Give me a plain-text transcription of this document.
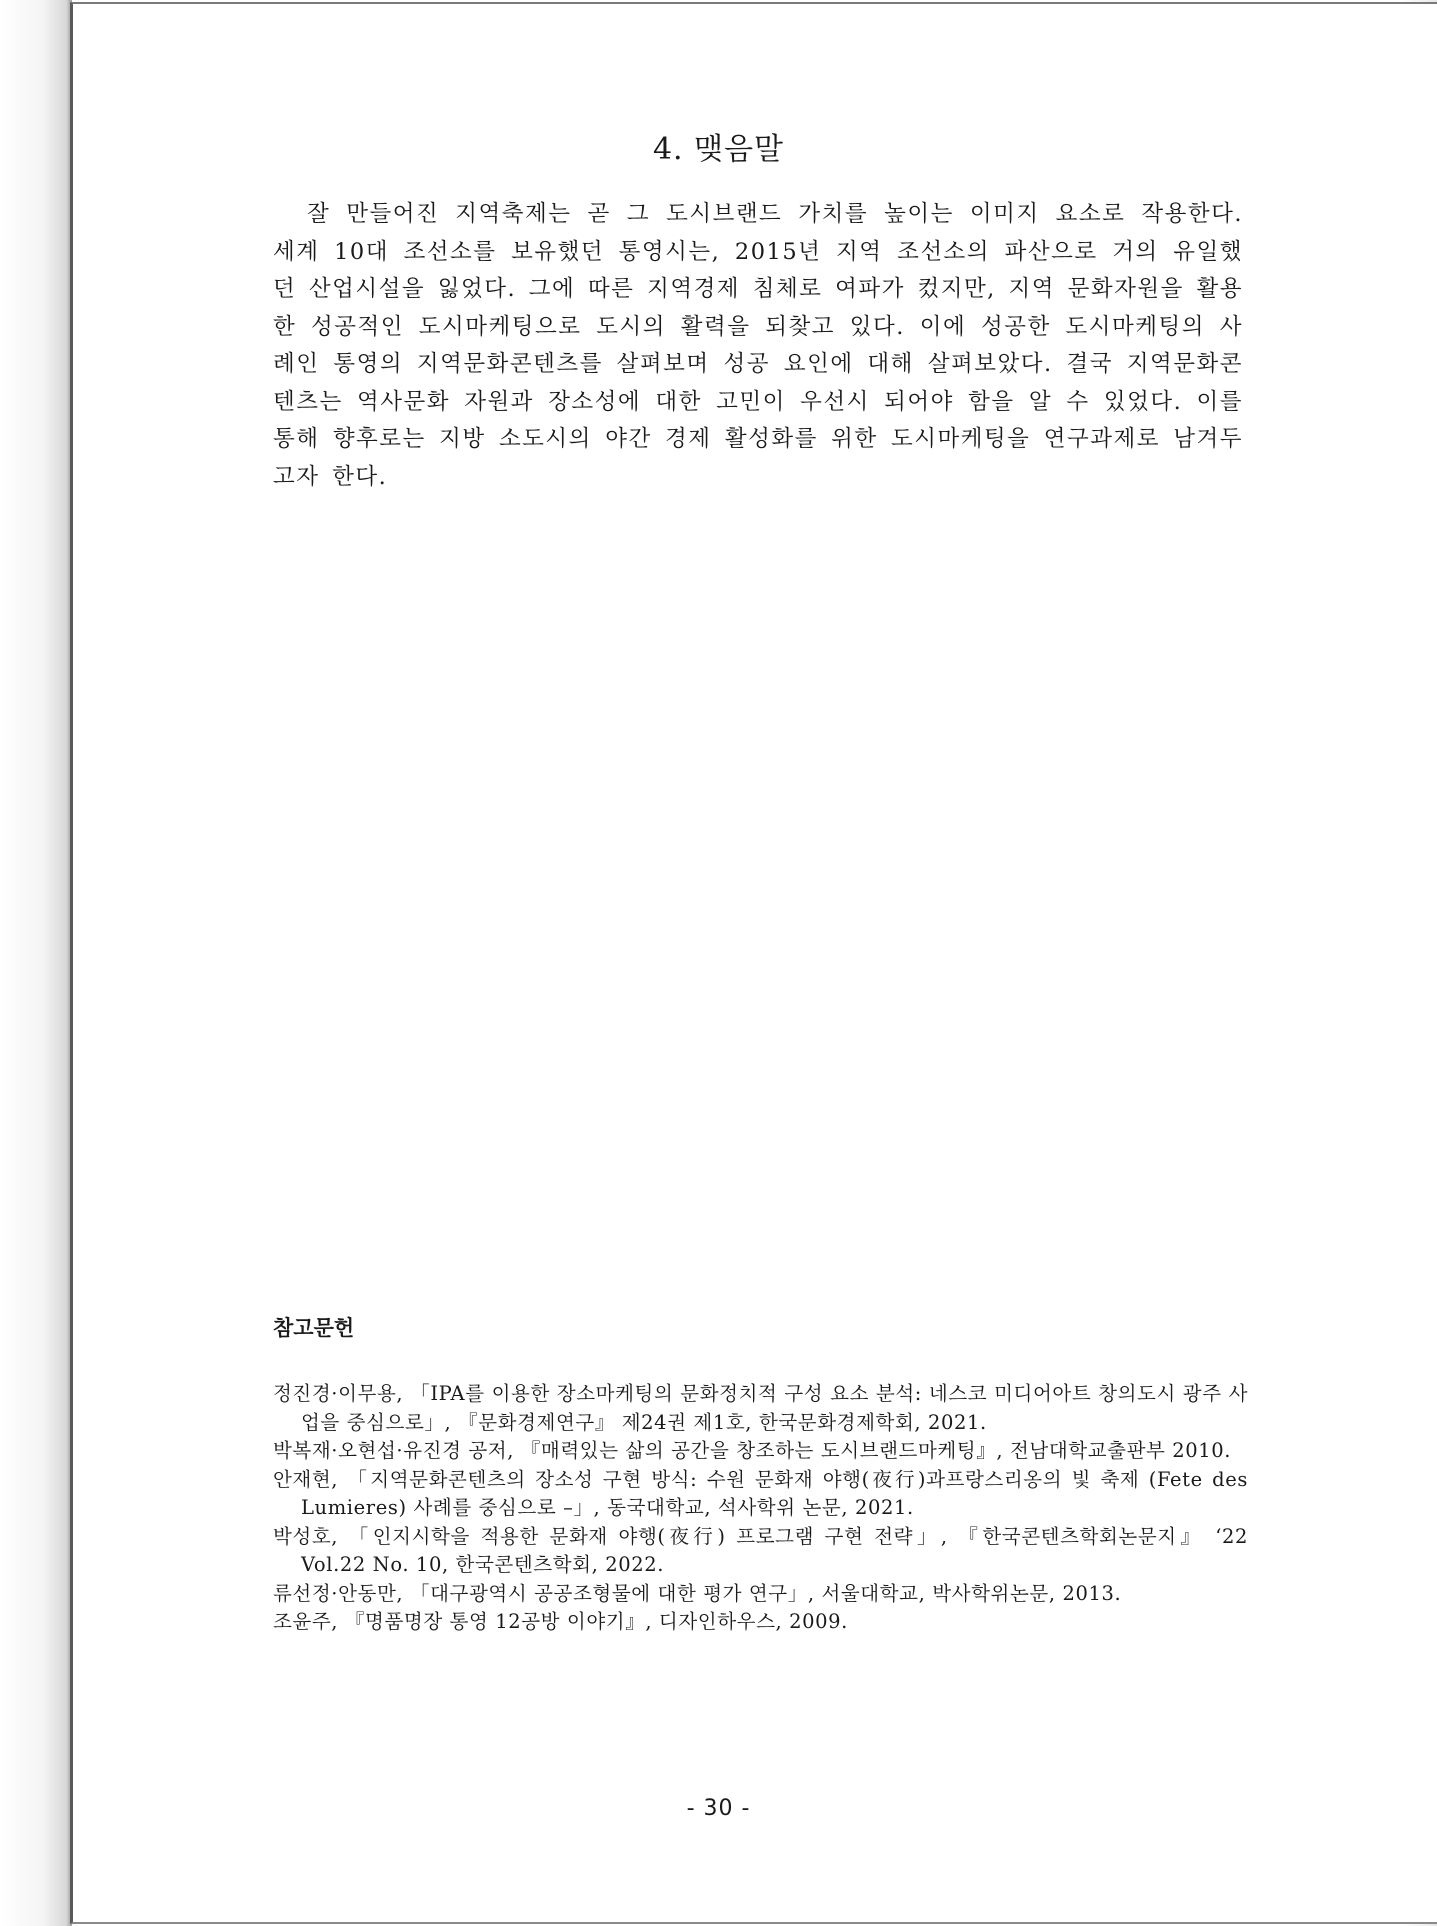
4. 맺음말

잘 만들어진 지역축제는 곧 그 도시브랜드 가치를 높이는 이미지 요소로 작용한다. 세계 10대 조선소를 보유했던 통영시는, 2015년 지역 조선소의 파산으로 거의 유일했던 산업시설을 잃었다. 그에 따른 지역경제 침체로 여파가 컸지만, 지역 문화자원을 활용한 성공적인 도시마케팅으로 도시의 활력을 되찾고 있다. 이에 성공한 도시마케팅의 사례인 통영의 지역문화콘텐츠를 살펴보며 성공 요인에 대해 살펴보았다. 결국 지역문화콘텐츠는 역사문화 자원과 장소성에 대한 고민이 우선시 되어야 함을 알 수 있었다. 이를 통해 향후로는 지방 소도시의 야간 경제 활성화를 위한 도시마케팅을 연구과제로 남겨두고자 한다.

참고문헌
정진경·이무용, 「IPA를 이용한 장소마케팅의 문화정치적 구성 요소 분석: 네스코 미디어아트 창의도시 광주 사업을 중심으로」, 『문화경제연구』 제24권 제1호, 한국문화경제학회, 2021.
박복재·오현섭·유진경 공저, 『매력있는 삶의 공간을 창조하는 도시브랜드마케팅』, 전남대학교출판부 2010.
안재현, 「지역문화콘텐츠의 장소성 구현 방식: 수원 문화재 야행(夜行)과프랑스리옹의 빛 축제 (Fete des Lumieres) 사례를 중심으로 –」, 동국대학교, 석사학위 논문, 2021.
박성호, 「인지시학을 적용한 문화재 야행(夜行) 프로그램 구현 전략」, 『한국콘텐츠학회논문지』 ‘22 Vol.22 No. 10, 한국콘텐츠학회, 2022.
류선정·안동만, 「대구광역시 공공조형물에 대한 평가 연구」, 서울대학교, 박사학위논문, 2013.
조윤주, 『명품명장 통영 12공방 이야기』, 디자인하우스, 2009.
- 30 -
